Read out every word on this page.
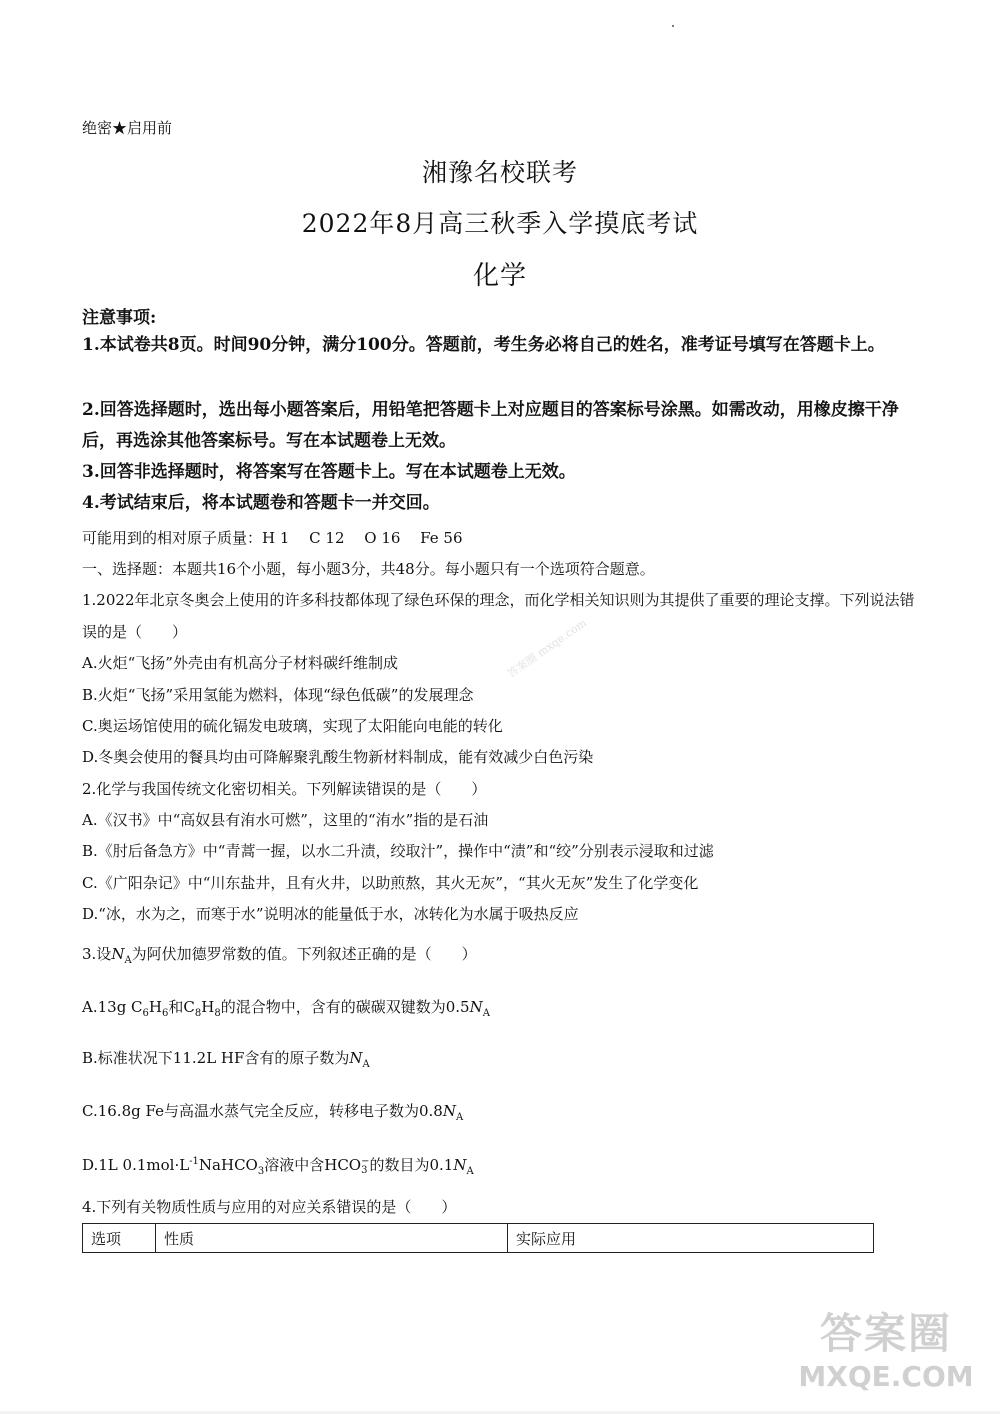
绝密★启用前
湘豫名校联考
2022年8月高三秋季入学摸底考试
化学
注意事项:
1.本试卷共8页。时间90分钟，满分100分。答题前，考生务必将自己的姓名，准考证号填写在答题卡上。
2.回答选择题时，选出每小题答案后，用铅笔把答题卡上对应题目的答案标号涂黑。如需改动，用橡皮擦干净后，再选涂其他答案标号。写在本试题卷上无效。
3.回答非选择题时，将答案写在答题卡上。写在本试题卷上无效。
4.考试结束后，将本试题卷和答题卡一并交回。
可能用到的相对原子质量：H 1　 C 12　 O 16　 Fe 56
一、选择题：本题共16个小题，每小题3分，共48分。每小题只有一个选项符合题意。
1.2022年北京冬奥会上使用的许多科技都体现了绿色环保的理念，而化学相关知识则为其提供了重要的理论支撑。下列说法错误的是（　　）
A.火炬“飞扬”外壳由有机高分子材料碳纤维制成
B.火炬“飞扬”采用氢能为燃料，体现“绿色低碳”的发展理念
C.奥运场馆使用的硫化镉发电玻璃，实现了太阳能向电能的转化
D.冬奥会使用的餐具均由可降解聚乳酸生物新材料制成，能有效减少白色污染
2.化学与我国传统文化密切相关。下列解读错误的是（　　）
A.《汉书》中“高奴县有洧水可燃”，这里的“洧水”指的是石油
B.《肘后备急方》中“青蒿一握，以水二升渍，绞取汁”，操作中“渍”和“绞”分别表示浸取和过滤
C.《广阳杂记》中“川东盐井，且有火井，以助煎熬，其火无灰”，“其火无灰”发生了化学变化
D.“冰，水为之，而寒于水”说明冰的能量低于水，冰转化为水属于吸热反应
3.设$N_A$为阿伏加德罗常数的值。下列叙述正确的是（　　）
A.13g $C_6H_6$和$C_8H_8$的混合物中，含有的碳碳双键数为$0.5N_A$
B.标准状况下11.2L HF含有的原子数为$N_A$
C.16.8g Fe与高温水蒸气完全反应，转移电子数为$0.8N_A$
D.1L $0.1mol\cdot L^{-1}NaHCO_3$溶液中含HCO−
3 的数目为$0.1N_A$
4.下列有关物质性质与应用的对应关系错误的是（　　）
选项	性质	实际应用
答案圈 mxqe.com
答案圈
MXQE.COM
